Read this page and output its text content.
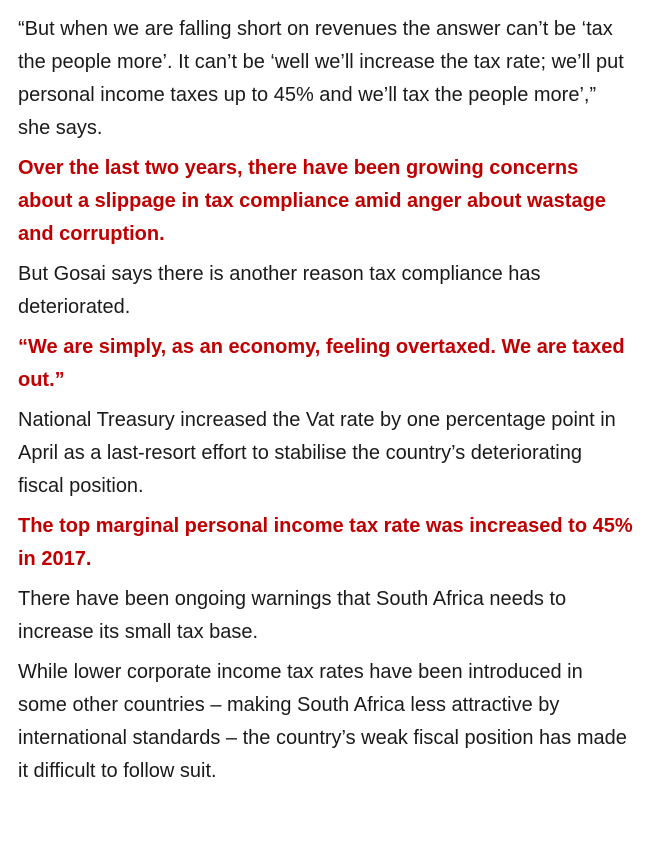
“But when we are falling short on revenues the answer can’t be ‘tax the people more’. It can’t be ‘well we’ll increase the tax rate; we’ll put personal income taxes up to 45% and we’ll tax the people more’,” she says.

Over the last two years, there have been growing concerns about a slippage in tax compliance amid anger about wastage and corruption.

But Gosai says there is another reason tax compliance has deteriorated.

“We are simply, as an economy, feeling overtaxed. We are taxed out.”

National Treasury increased the Vat rate by one percentage point in April as a last-resort effort to stabilise the country’s deteriorating fiscal position.

The top marginal personal income tax rate was increased to 45% in 2017.

There have been ongoing warnings that South Africa needs to increase its small tax base.

While lower corporate income tax rates have been introduced in some other countries – making South Africa less attractive by international standards – the country’s weak fiscal position has made it difficult to follow suit.
